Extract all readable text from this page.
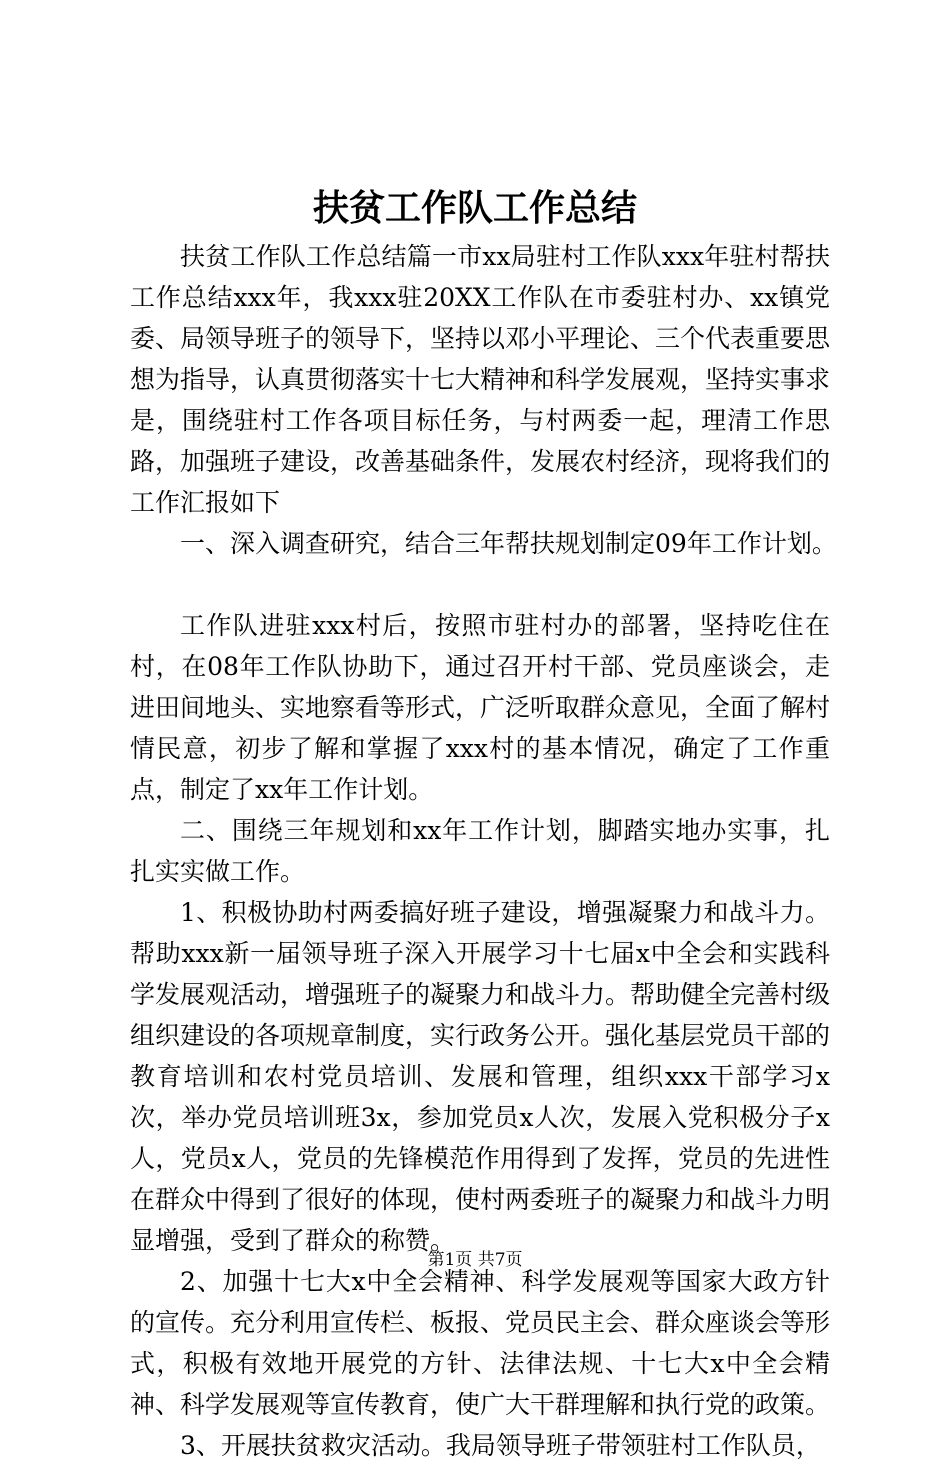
扶贫工作队工作总结

扶贫工作队工作总结篇一市xx局驻村工作队xxx年驻村帮扶工作总结xxx年，我xxx驻20XX工作队在市委驻村办、xx镇党委、局领导班子的领导下，坚持以邓小平理论、三个代表重要思想为指导，认真贯彻落实十七大精神和科学发展观，坚持实事求是，围绕驻村工作各项目标任务，与村两委一起，理清工作思路，加强班子建设，改善基础条件，发展农村经济，现将我们的工作汇报如下

一、深入调查研究，结合三年帮扶规划制定09年工作计划。

工作队进驻xxx村后，按照市驻村办的部署，坚持吃住在村，在08年工作队协助下，通过召开村干部、党员座谈会，走进田间地头、实地察看等形式，广泛听取群众意见，全面了解村情民意，初步了解和掌握了xxx村的基本情况，确定了工作重点，制定了xx年工作计划。

二、围绕三年规划和xx年工作计划，脚踏实地办实事，扎扎实实做工作。

1、积极协助村两委搞好班子建设，增强凝聚力和战斗力。帮助xxx新一届领导班子深入开展学习十七届x中全会和实践科学发展观活动，增强班子的凝聚力和战斗力。帮助健全完善村级组织建设的各项规章制度，实行政务公开。强化基层党员干部的教育培训和农村党员培训、发展和管理，组织xxx干部学习x次，举办党员培训班3x，参加党员x人次，发展入党积极分子x人，党员x人，党员的先锋模范作用得到了发挥，党员的先进性在群众中得到了很好的体现，使村两委班子的凝聚力和战斗力明显增强，受到了群众的称赞。

2、加强十七大x中全会精神、科学发展观等国家大政方针的宣传。充分利用宣传栏、板报、党员民主会、群众座谈会等形式，积极有效地开展党的方针、法律法规、十七大x中全会精神、科学发展观等宣传教育，使广大干群理解和执行党的政策。

3、开展扶贫救灾活动。我局领导班子带领驻村工作队员，

第1页 共7页
